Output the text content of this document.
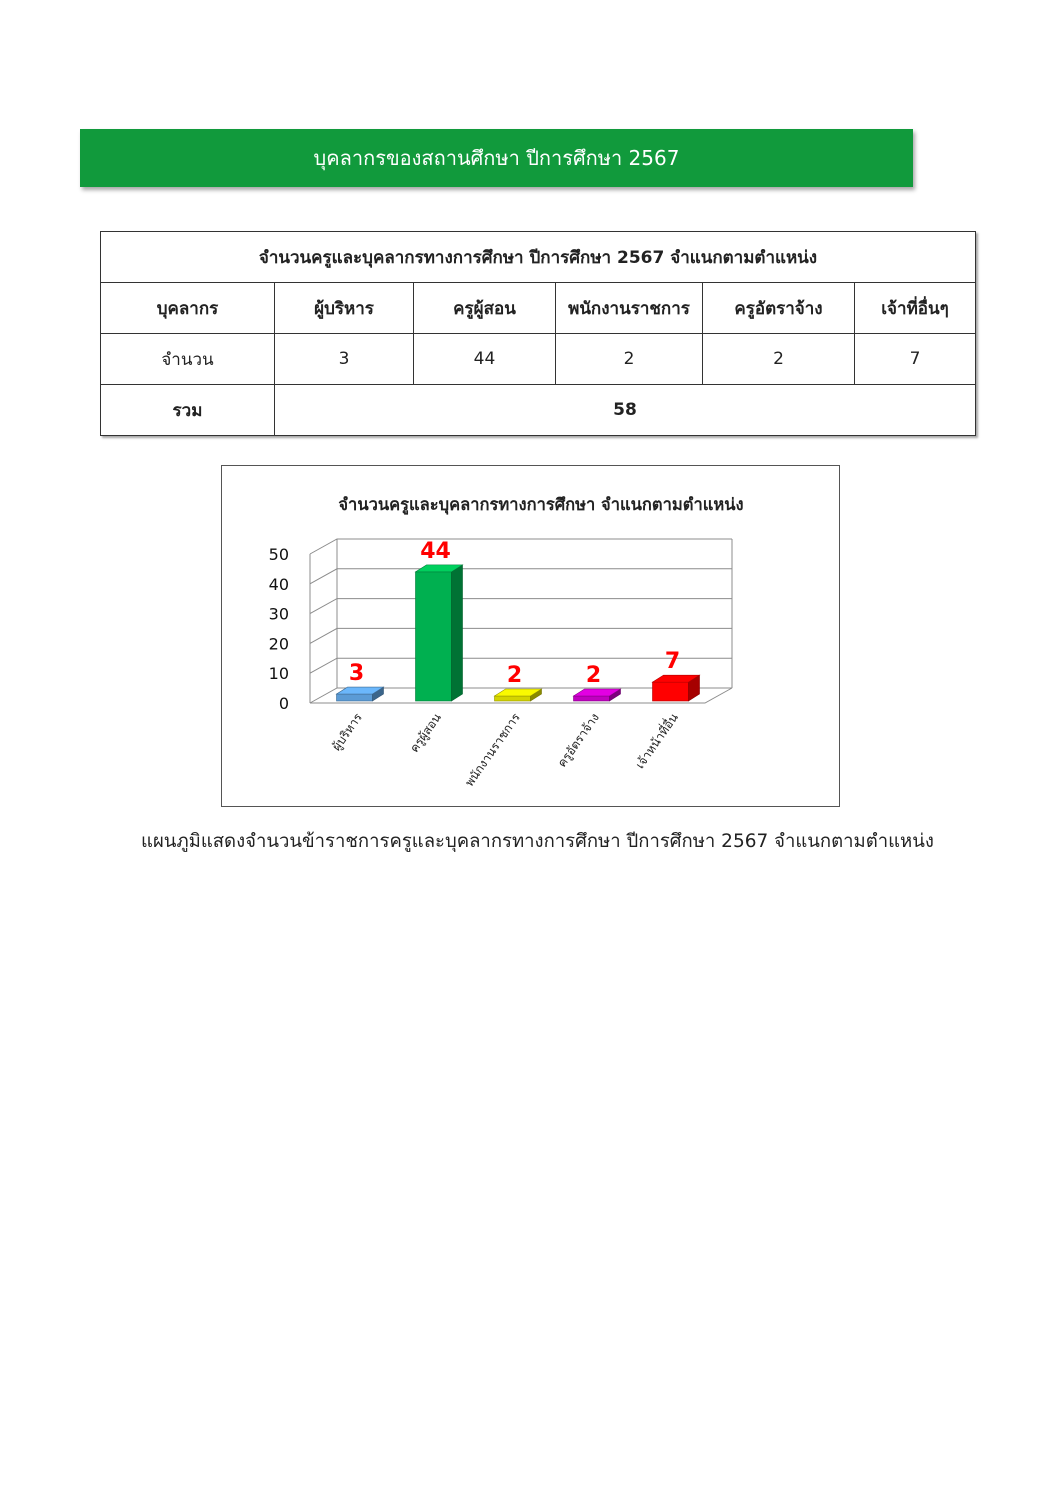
บุคลากรของสถานศึกษา ปีการศึกษา 2567
จำนวนครูและบุคลากรทางการศึกษา ปีการศึกษา 2567 จำแนกตามตำแหน่ง					
บุคลากร	ผู้บริหาร	ครูผู้สอน	พนักงานราชการ	ครูอัตราจ้าง	เจ้าที่อื่นๆ
จำนวน	3	44	2	2	7
รวม	58				
จำนวนครูและบุคลากรทางการศึกษา จำแนกตามตำแหน่ง
0
10
20
30
40
50
3
ผู้บริหาร
44
ครูผู้สอน
2
พนักงานราชการ
2
ครูอัตราจ้าง
7
เจ้าหน้าที่อื่น
แผนภูมิแสดงจำนวนข้าราชการครูและบุคลากรทางการศึกษา ปีการศึกษา 2567 จำแนกตามตำแหน่ง
